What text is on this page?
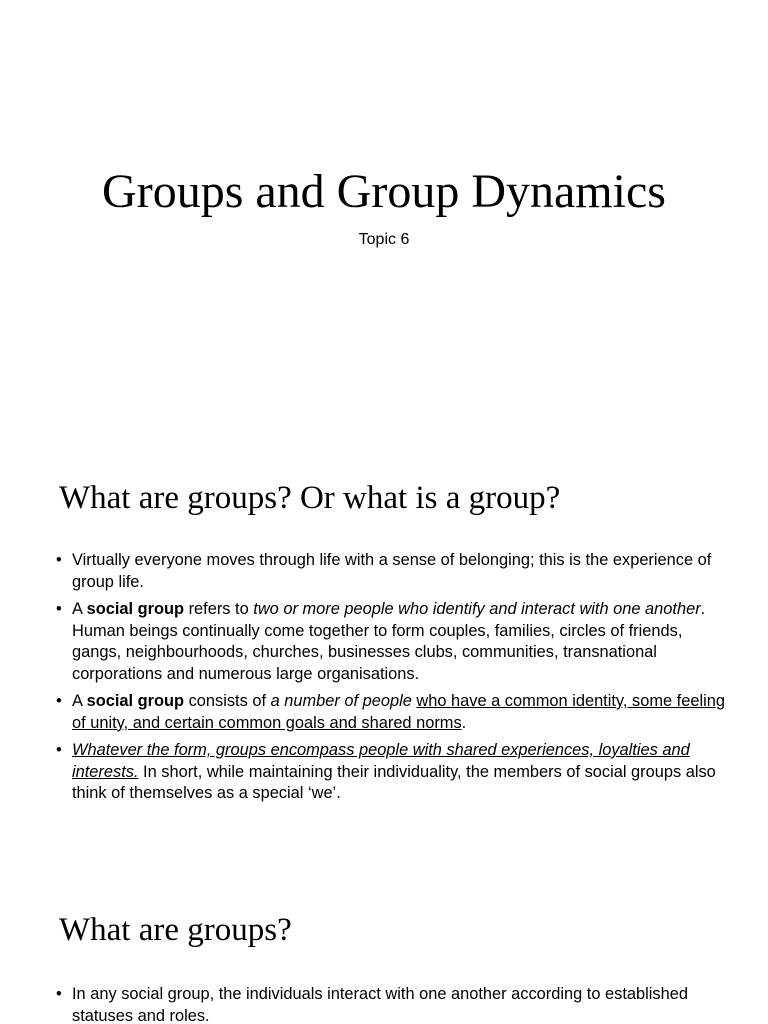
Groups and Group Dynamics
Topic 6
What are groups? Or what is a group?
• Virtually everyone moves through life with a sense of belonging; this is the experience of group life.
• A social group refers to two or more people who identify and interact with one another. Human beings continually come together to form couples, families, circles of friends, gangs, neighbourhoods, churches, businesses clubs, communities, transnational corporations and numerous large organisations.
• A social group consists of a number of people who have a common identity, some feeling of unity, and certain common goals and shared norms.
• Whatever the form, groups encompass people with shared experiences, loyalties and interests. In short, while maintaining their individuality, the members of social groups also think of themselves as a special ‘we’.
What are groups?
• In any social group, the individuals interact with one another according to established statuses and roles.
